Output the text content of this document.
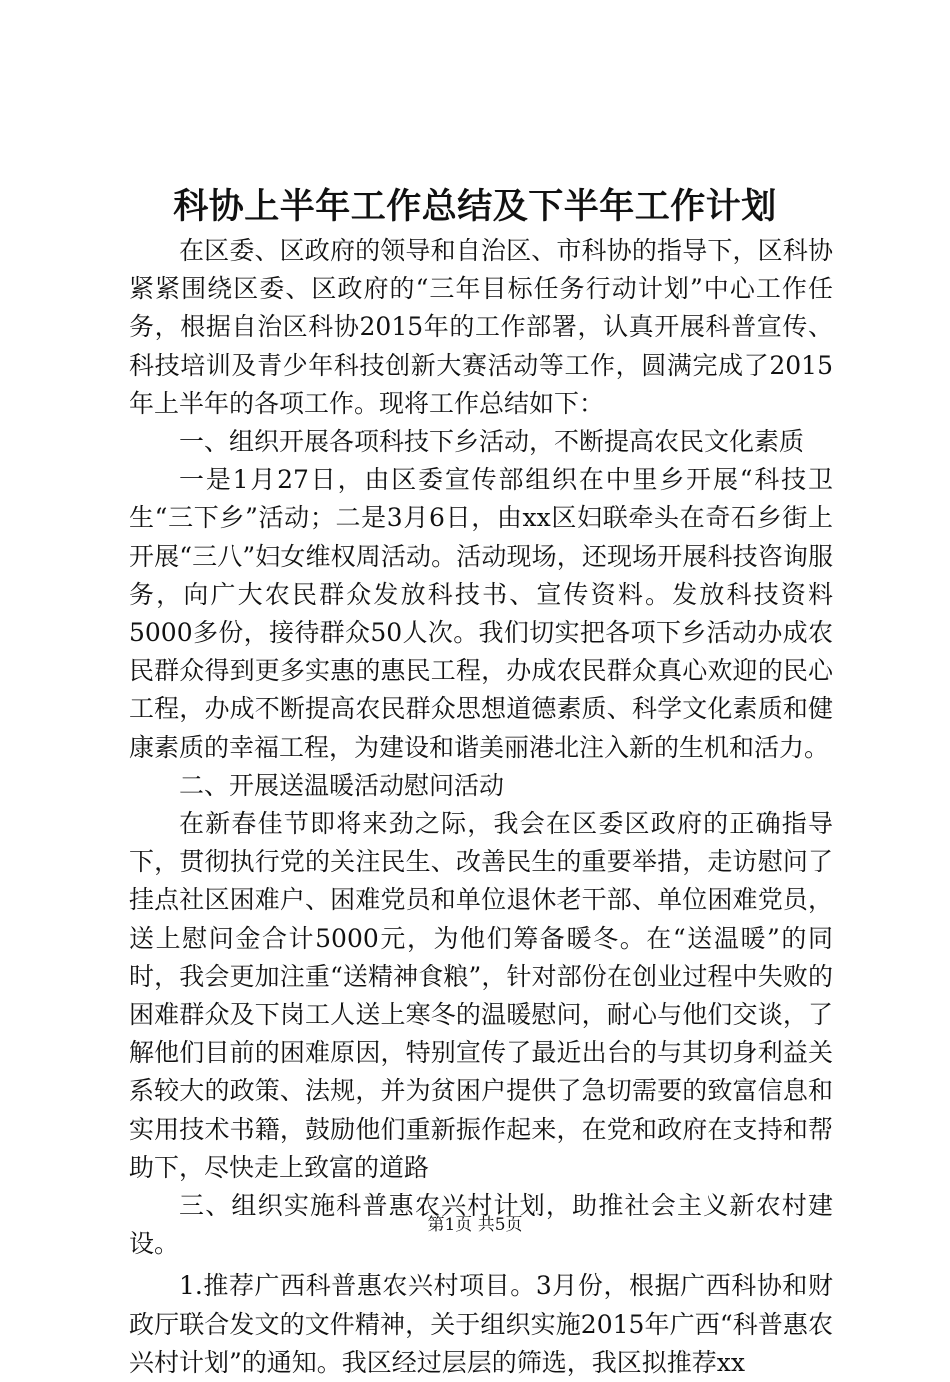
科协上半年工作总结及下半年工作计划

在区委、区政府的领导和自治区、市科协的指导下，区科协紧紧围绕区委、区政府的“三年目标任务行动计划”中心工作任务，根据自治区科协2015年的工作部署，认真开展科普宣传、科技培训及青少年科技创新大赛活动等工作，圆满完成了2015年上半年的各项工作。现将工作总结如下：

一、组织开展各项科技下乡活动，不断提高农民文化素质

一是1月27日，由区委宣传部组织在中里乡开展“科技卫生“三下乡”活动；二是3月6日，由xx区妇联牵头在奇石乡街上开展“三八”妇女维权周活动。活动现场，还现场开展科技咨询服务，向广大农民群众发放科技书、宣传资料。发放科技资料5000多份，接待群众50人次。我们切实把各项下乡活动办成农民群众得到更多实惠的惠民工程，办成农民群众真心欢迎的民心工程，办成不断提高农民群众思想道德素质、科学文化素质和健康素质的幸福工程，为建设和谐美丽港北注入新的生机和活力。

二、开展送温暖活动慰问活动

在新春佳节即将来劲之际，我会在区委区政府的正确指导下，贯彻执行党的关注民生、改善民生的重要举措，走访慰问了挂点社区困难户、困难党员和单位退休老干部、单位困难党员，送上慰问金合计5000元，为他们筹备暖冬。在“送温暖”的同时，我会更加注重“送精神食粮”，针对部份在创业过程中失败的困难群众及下岗工人送上寒冬的温暖慰问，耐心与他们交谈，了解他们目前的困难原因，特别宣传了最近出台的与其切身利益关系较大的政策、法规，并为贫困户提供了急切需要的致富信息和实用技术书籍，鼓励他们重新振作起来，在党和政府在支持和帮助下，尽快走上致富的道路

三、组织实施科普惠农兴村计划，助推社会主义新农村建设。

1.推荐广西科普惠农兴村项目。3月份，根据广西科协和财政厅联合发文的文件精神，关于组织实施2015年广西“科普惠农兴村计划”的通知。我区经过层层的筛选，我区拟推荐xx

第1页 共5页
